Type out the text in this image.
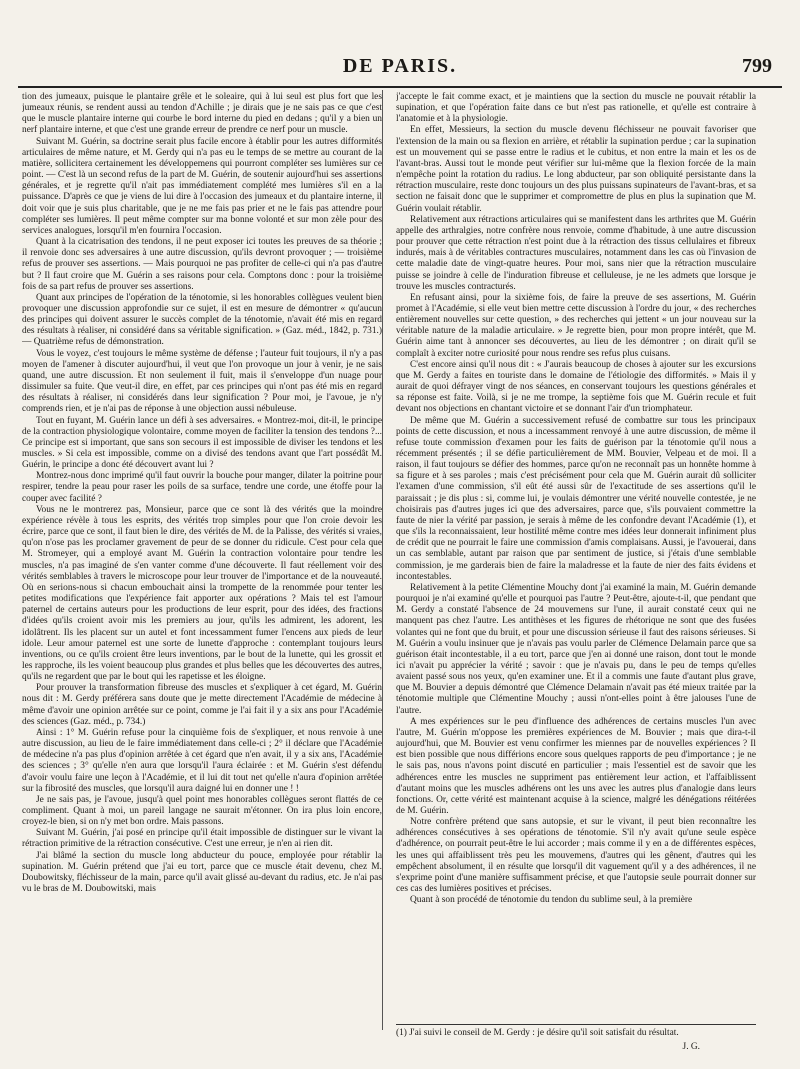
DE PARIS.	799

tion des jumeaux, puisque le plantaire grêle et le soleaire, qui à lui seul est plus fort que les jumeaux réunis, se rendent aussi au tendon d'Achille ; je dirais que je ne sais pas ce que c'est que le muscle plantaire interne qui courbe le bord interne du pied en dedans ; qu'il y a bien un nerf plantaire interne, et que c'est une grande erreur de prendre ce nerf pour un muscle.

Suivant M. Guérin, sa doctrine serait plus facile encore à établir pour les autres difformités articulaires de même nature, et M. Gerdy qui n'a pas eu le temps de se mettre au courant de la matière, sollicitera certainement les développemens qui pourront compléter ses lumières sur ce point. — C'est là un second refus de la part de M. Guérin, de soutenir aujourd'hui ses assertions générales, et je regrette qu'il n'ait pas immédiatement complété mes lumières s'il en a la puissance. D'après ce que je viens de lui dire à l'occasion des jumeaux et du plantaire interne, il doit voir que je suis plus charitable, que je ne me fais pas prier et ne le fais pas attendre pour compléter ses lumières. Il peut même compter sur ma bonne volonté et sur mon zèle pour des services analogues, lorsqu'il m'en fournira l'occasion.

Quant à la cicatrisation des tendons, il ne peut exposer ici toutes les preuves de sa théorie ; il renvoie donc ses adversaires à une autre discussion, qu'ils devront provoquer ; — troisième refus de prouver ses assertions. — Mais pourquoi ne pas profiter de celle-ci qui n'a pas d'autre but ? Il faut croire que M. Guérin a ses raisons pour cela. Comptons donc : pour la troisième fois de sa part refus de prouver ses assertions.

Quant aux principes de l'opération de la ténotomie, si les honorables collègues veulent bien provoquer une discussion approfondie sur ce sujet, il est en mesure de démontrer « qu'aucun des principes qui doivent assurer le succès complet de la ténotomie, n'avait été mis en regard des résultats à réaliser, ni considéré dans sa véritable signification. » (Gaz. méd., 1842, p. 731.) — Quatrième refus de démonstration.

Vous le voyez, c'est toujours le même système de défense ; l'auteur fuit toujours, il n'y a pas moyen de l'amener à discuter aujourd'hui, il veut que l'on provoque un jour à venir, je ne sais quand, une autre discussion. Et non seulement il fuit, mais il s'enveloppe d'un nuage pour dissimuler sa fuite. Que veut-il dire, en effet, par ces principes qui n'ont pas été mis en regard des résultats à réaliser, ni considérés dans leur signification ? Pour moi, je l'avoue, je n'y comprends rien, et je n'ai pas de réponse à une objection aussi nébuleuse.

Tout en fuyant, M. Guérin lance un défi à ses adversaires. « Montrez-moi, dit-il, le principe de la contraction physiologique volontaire, comme moyen de faciliter la tension des tendons ?... Ce principe est si important, que sans son secours il est impossible de diviser les tendons et les muscles. » Si cela est impossible, comme on a divisé des tendons avant que l'art possédât M. Guérin, le principe a donc été découvert avant lui ?

Montrez-nous donc imprimé qu'il faut ouvrir la bouche pour manger, dilater la poitrine pour respirer, tendre la peau pour raser les poils de sa surface, tendre une corde, une étoffe pour la couper avec facilité ?

Vous ne le montrerez pas, Monsieur, parce que ce sont là des vérités que la moindre expérience révèle à tous les esprits, des vérités trop simples pour que l'on croie devoir les écrire, parce que ce sont, il faut bien le dire, des vérités de M. de la Palisse, des vérités si vraies, qu'on n'ose pas les proclamer gravement de peur de se donner du ridicule. C'est pour cela que M. Stromeyer, qui a employé avant M. Guérin la contraction volontaire pour tendre les muscles, n'a pas imaginé de s'en vanter comme d'une découverte. Il faut réellement voir des vérités semblables à travers le microscope pour leur trouver de l'importance et de la nouveauté. Où en serions-nous si chacun embouchait ainsi la trompette de la renommée pour tenter les petites modifications que l'expérience fait apporter aux opérations ? Mais tel est l'amour paternel de certains auteurs pour les productions de leur esprit, pour des idées, des fractions d'idées qu'ils croient avoir mis les premiers au jour, qu'ils les admirent, les adorent, les idolâtrent. Ils les placent sur un autel et font incessamment fumer l'encens aux pieds de leur idole. Leur amour paternel est une sorte de lunette d'approche : contemplant toujours leurs inventions, ou ce qu'ils croient être leurs inventions, par le bout de la lunette, qui les grossit et les rapproche, ils les voient beaucoup plus grandes et plus belles que les découvertes des autres, qu'ils ne regardent que par le bout qui les rapetisse et les éloigne.

Pour prouver la transformation fibreuse des muscles et s'expliquer à cet égard, M. Guérin nous dit : M. Gerdy préférera sans doute que je mette directement l'Académie de médecine à même d'avoir une opinion arrêtée sur ce point, comme je l'ai fait il y a six ans pour l'Académie des sciences (Gaz. méd., p. 734.)

Ainsi : 1° M. Guérin refuse pour la cinquième fois de s'expliquer, et nous renvoie à une autre discussion, au lieu de le faire immédiatement dans celle-ci ; 2° il déclare que l'Académie de médecine n'a pas plus d'opinion arrêtée à cet égard que n'en avait, il y a six ans, l'Académie des sciences ; 3° qu'elle n'en aura que lorsqu'il l'aura éclairée : et M. Guérin s'est défendu d'avoir voulu faire une leçon à l'Académie, et il lui dit tout net qu'elle n'aura d'opinion arrêtée sur la fibrosité des muscles, que lorsqu'il aura daigné lui en donner une ! !

Je ne sais pas, je l'avoue, jusqu'à quel point mes honorables collègues seront flattés de ce compliment. Quant à moi, un pareil langage ne saurait m'étonner. On ira plus loin encore, croyez-le bien, si on n'y met bon ordre. Mais passons.

Suivant M. Guérin, j'ai posé en principe qu'il était impossible de distinguer sur le vivant la rétraction primitive de la rétraction consécutive. C'est une erreur, je n'en ai rien dit.

J'ai blâmé la section du muscle long abducteur du pouce, employée pour rétablir la supination. M. Guérin prétend que j'ai eu tort, parce que ce muscle était devenu, chez M. Doubowitsky, fléchisseur de la main, parce qu'il avait glissé au-devant du radius, etc. Je n'ai pas vu le bras de M. Doubowitski, mais

j'accepte le fait comme exact, et je maintiens que la section du muscle ne pouvait rétablir la supination, et que l'opération faite dans ce but n'est pas rationelle, et qu'elle est contraire à l'anatomie et à la physiologie.

En effet, Messieurs, la section du muscle devenu fléchisseur ne pouvait favoriser que l'extension de la main ou sa flexion en arrière, et rétablir la supination perdue ; car la supination est un mouvement qui se passe entre le radius et le cubitus, et non entre la main et les os de l'avant-bras. Aussi tout le monde peut vérifier sur lui-même que la flexion forcée de la main n'empêche point la rotation du radius. Le long abducteur, par son obliquité persistante dans la rétraction musculaire, reste donc toujours un des plus puissans supinateurs de l'avant-bras, et sa section ne faisait donc que le supprimer et compromettre de plus en plus la supination que M. Guérin voulait rétablir.

Relativement aux rétractions articulaires qui se manifestent dans les arthrites que M. Guérin appelle des arthralgies, notre confrère nous renvoie, comme d'habitude, à une autre discussion pour prouver que cette rétraction n'est point due à la rétraction des tissus cellulaires et fibreux indurés, mais à de véritables contractures musculaires, notamment dans les cas où l'invasion de cette maladie date de vingt-quatre heures. Pour moi, sans nier que la rétraction musculaire puisse se joindre à celle de l'induration fibreuse et celluleuse, je ne les admets que lorsque je trouve les muscles contracturés.

En refusant ainsi, pour la sixième fois, de faire la preuve de ses assertions, M. Guérin promet à l'Académie, si elle veut bien mettre cette discussion à l'ordre du jour, « des recherches entièrement nouvelles sur cette question, » des recherches qui jettent « un jour nouveau sur la véritable nature de la maladie articulaire. » Je regrette bien, pour mon propre intérêt, que M. Guérin aime tant à annoncer ses découvertes, au lieu de les démontrer ; on dirait qu'il se complaît à exciter notre curiosité pour nous rendre ses refus plus cuisans.

C'est encore ainsi qu'il nous dit : « J'aurais beaucoup de choses à ajouter sur les excursions que M. Gerdy a faites en touriste dans le domaine de l'étiologie des difformités. » Mais il y aurait de quoi défrayer vingt de nos séances, en conservant toujours les questions générales et sa réponse est faite. Voilà, si je ne me trompe, la septième fois que M. Guérin recule et fuit devant nos objections en chantant victoire et se donnant l'air d'un triomphateur.

De même que M. Guérin a successivement refusé de combattre sur tous les principaux points de cette discussion, et nous a incessamment renvoyé à une autre discussion, de même il refuse toute commission d'examen pour les faits de guérison par la ténotomie qu'il nous a récemment présentés ; il se défie particulièrement de MM. Bouvier, Velpeau et de moi. Il a raison, il faut toujours se défier des hommes, parce qu'on ne reconnaît pas un honnête homme à sa figure et à ses paroles ; mais c'est précisément pour cela que M. Guérin aurait dû solliciter l'examen d'une commission, s'il eût été aussi sûr de l'exactitude de ses assertions qu'il le paraissait ; je dis plus : si, comme lui, je voulais démontrer une vérité nouvelle contestée, je ne choisirais pas d'autres juges ici que des adversaires, parce que, s'ils pouvaient commettre la faute de nier la vérité par passion, je serais à même de les confondre devant l'Académie (1), et que s'ils la reconnaissaient, leur hostilité même contre mes idées leur donnerait infiniment plus de crédit que ne pourrait le faire une commission d'amis complaisans. Aussi, je l'avouerai, dans un cas semblable, autant par raison que par sentiment de justice, si j'étais d'une semblable commission, je me garderais bien de faire la maladresse et la faute de nier des faits évidens et incontestables.

Relativement à la petite Clémentine Mouchy dont j'ai examiné la main, M. Guérin demande pourquoi je n'ai examiné qu'elle et pourquoi pas l'autre ? Peut-être, ajoute-t-il, que pendant que M. Gerdy a constaté l'absence de 24 mouvemens sur l'une, il aurait constaté ceux qui ne manquent pas chez l'autre. Les antithèses et les figures de rhétorique ne sont que des fusées volantes qui ne font que du bruit, et pour une discussion sérieuse il faut des raisons sérieuses. Si M. Guérin a voulu insinuer que je n'avais pas voulu parler de Clémence Delamain parce que sa guérison était incontestable, il a eu tort, parce que j'en ai donné une raison, dont tout le monde ici n'avait pu apprécier la vérité ; savoir : que je n'avais pu, dans le peu de temps qu'elles avaient passé sous nos yeux, qu'en examiner une. Et il a commis une faute d'autant plus grave, que M. Bouvier a depuis démontré que Clémence Delamain n'avait pas été mieux traitée par la ténotomie multiple que Clémentine Mouchy ; aussi n'ont-elles point à être jalouses l'une de l'autre.

A mes expériences sur le peu d'influence des adhérences de certains muscles l'un avec l'autre, M. Guérin m'oppose les premières expériences de M. Bouvier ; mais que dira-t-il aujourd'hui, que M. Bouvier est venu confirmer les miennes par de nouvelles expériences ? Il est bien possible que nous différions encore sous quelques rapports de peu d'importance ; je ne le sais pas, nous n'avons point discuté en particulier ; mais l'essentiel est de savoir que les adhérences entre les muscles ne suppriment pas entièrement leur action, et l'affaiblissent d'autant moins que les muscles adhérens ont les uns avec les autres plus d'analogie dans leurs fonctions. Or, cette vérité est maintenant acquise à la science, malgré les dénégations réitérées de M. Guérin.

Notre confrère prétend que sans autopsie, et sur le vivant, il peut bien reconnaître les adhérences consécutives à ses opérations de ténotomie. S'il n'y avait qu'une seule espèce d'adhérence, on pourrait peut-être le lui accorder ; mais comme il y en a de différentes espèces, les unes qui affaiblissent très peu les mouvemens, d'autres qui les gênent, d'autres qui les empêchent absolument, il en résulte que lorsqu'il dit vaguement qu'il y a des adhérences, il ne s'exprime point d'une manière suffisamment précise, et que l'autopsie seule pourrait donner sur ces cas des lumières positives et précises.

Quant à son procédé de ténotomie du tendon du sublime seul, à la première

(1) J'ai suivi le conseil de M. Gerdy : je désire qu'il soit satisfait du résultat.
J. G.
